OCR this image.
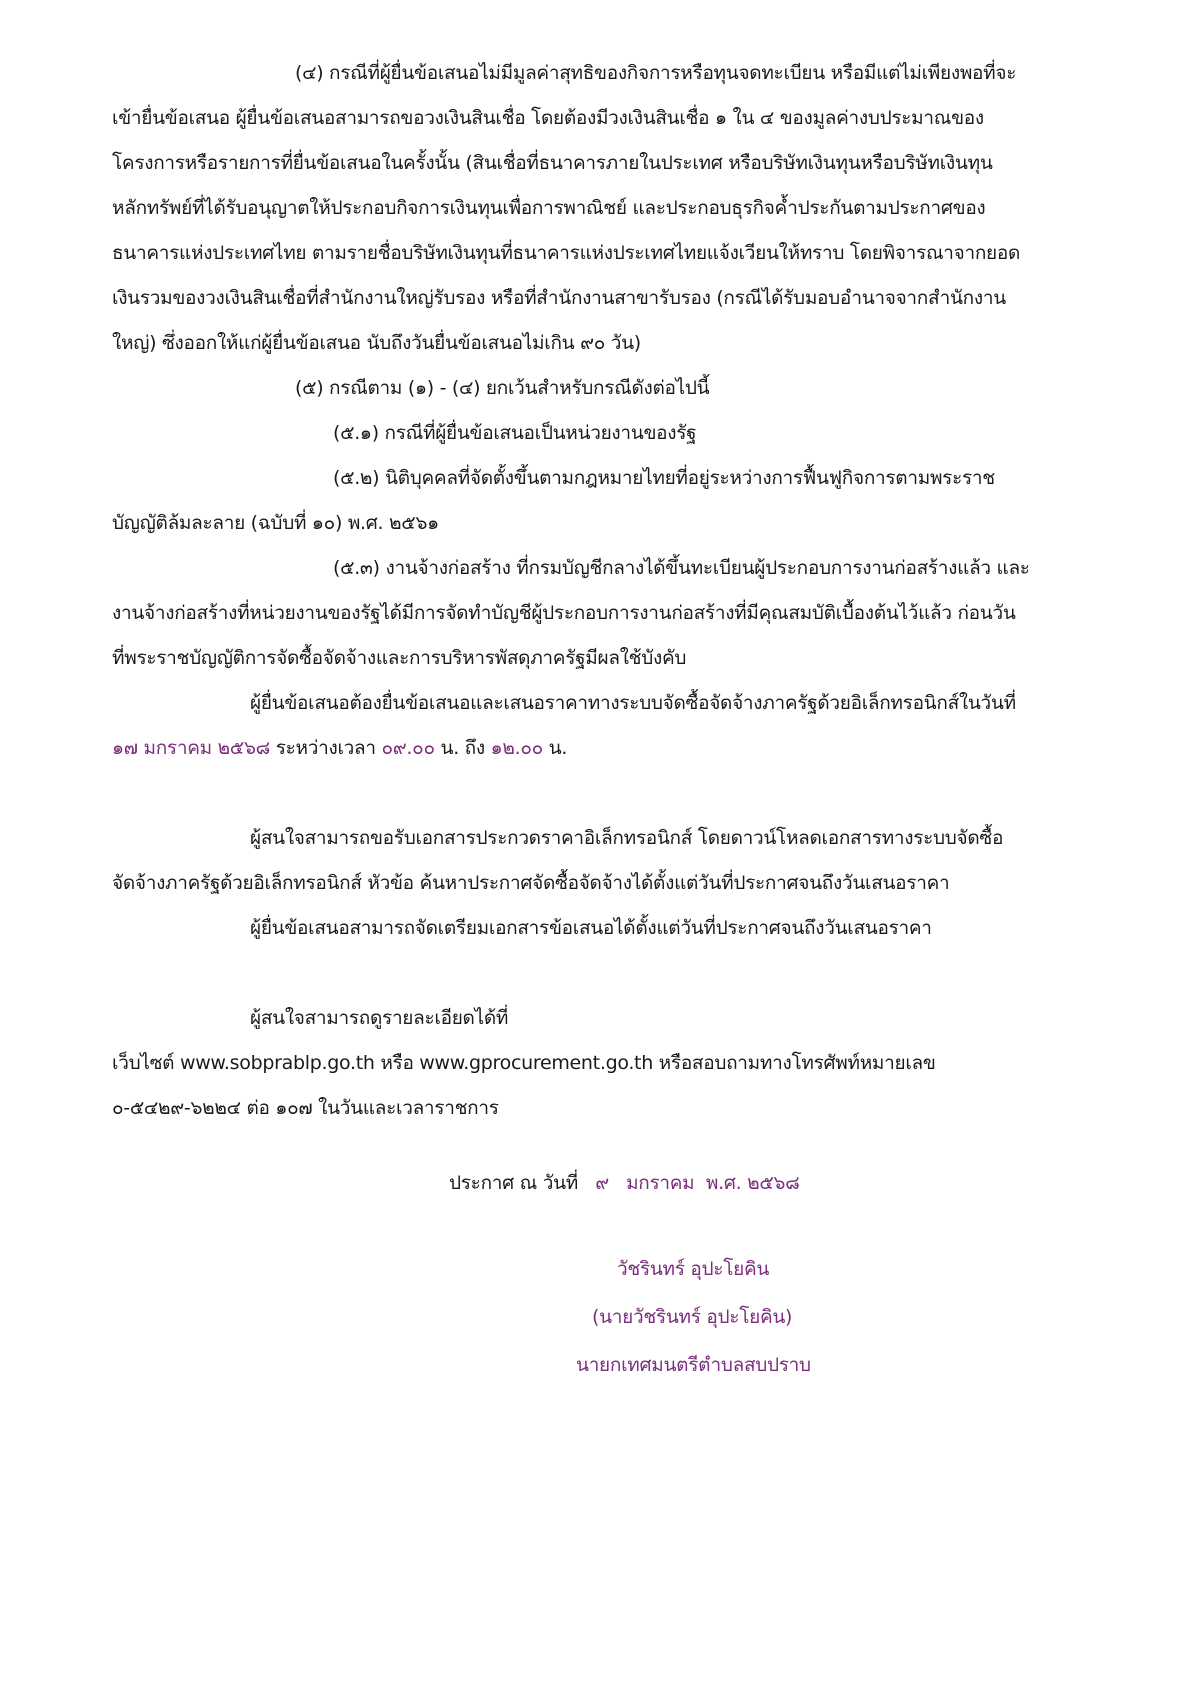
(๔) กรณีที่ผู้ยื่นข้อเสนอไม่มีมูลค่าสุทธิของกิจการหรือทุนจดทะเบียน หรือมีแต่ไม่เพียงพอที่จะ
เข้ายื่นข้อเสนอ ผู้ยื่นข้อเสนอสามารถขอวงเงินสินเชื่อ โดยต้องมีวงเงินสินเชื่อ ๑ ใน ๔ ของมูลค่างบประมาณของ
โครงการหรือรายการที่ยื่นข้อเสนอในครั้งนั้น (สินเชื่อที่ธนาคารภายในประเทศ หรือบริษัทเงินทุนหรือบริษัทเงินทุน
หลักทรัพย์ที่ได้รับอนุญาตให้ประกอบกิจการเงินทุนเพื่อการพาณิชย์ และประกอบธุรกิจค้ำประกันตามประกาศของ
ธนาคารแห่งประเทศไทย ตามรายชื่อบริษัทเงินทุนที่ธนาคารแห่งประเทศไทยแจ้งเวียนให้ทราบ โดยพิจารณาจากยอด
เงินรวมของวงเงินสินเชื่อที่สำนักงานใหญ่รับรอง หรือที่สำนักงานสาขารับรอง (กรณีได้รับมอบอำนาจจากสำนักงาน
ใหญ่) ซึ่งออกให้แก่ผู้ยื่นข้อเสนอ นับถึงวันยื่นข้อเสนอไม่เกิน ๙๐ วัน)
(๕) กรณีตาม (๑) - (๔) ยกเว้นสำหรับกรณีดังต่อไปนี้
(๕.๑) กรณีที่ผู้ยื่นข้อเสนอเป็นหน่วยงานของรัฐ
(๕.๒) นิติบุคคลที่จัดตั้งขึ้นตามกฎหมายไทยที่อยู่ระหว่างการฟื้นฟูกิจการตามพระราช
บัญญัติล้มละลาย (ฉบับที่ ๑๐) พ.ศ. ๒๕๖๑
(๕.๓) งานจ้างก่อสร้าง ที่กรมบัญชีกลางได้ขึ้นทะเบียนผู้ประกอบการงานก่อสร้างแล้ว และ
งานจ้างก่อสร้างที่หน่วยงานของรัฐได้มีการจัดทำบัญชีผู้ประกอบการงานก่อสร้างที่มีคุณสมบัติเบื้องต้นไว้แล้ว ก่อนวัน
ที่พระราชบัญญัติการจัดซื้อจัดจ้างและการบริหารพัสดุภาครัฐมีผลใช้บังคับ
ผู้ยื่นข้อเสนอต้องยื่นข้อเสนอและเสนอราคาทางระบบจัดซื้อจัดจ้างภาครัฐด้วยอิเล็กทรอนิกส์ในวันที่
๑๗ มกราคม ๒๕๖๘ ระหว่างเวลา ๐๙.๐๐ น. ถึง ๑๒.๐๐ น.
ผู้สนใจสามารถขอรับเอกสารประกวดราคาอิเล็กทรอนิกส์ โดยดาวน์โหลดเอกสารทางระบบจัดซื้อ
จัดจ้างภาครัฐด้วยอิเล็กทรอนิกส์ หัวข้อ ค้นหาประกาศจัดซื้อจัดจ้างได้ตั้งแต่วันที่ประกาศจนถึงวันเสนอราคา
ผู้ยื่นข้อเสนอสามารถจัดเตรียมเอกสารข้อเสนอได้ตั้งแต่วันที่ประกาศจนถึงวันเสนอราคา
ผู้สนใจสามารถดูรายละเอียดได้ที่
เว็บไซต์ www.sobprablp.go.th หรือ www.gprocurement.go.th หรือสอบถามทางโทรศัพท์หมายเลข
๐-๕๔๒๙-๖๒๒๔ ต่อ ๑๐๗ ในวันและเวลาราชการ
ประกาศ ณ วันที่ ๙ มกราคม พ.ศ. ๒๕๖๘
วัชรินทร์ อุปะโยคิน
(นายวัชรินทร์ อุปะโยคิน)
นายกเทศมนตรีตำบลสบปราบ
